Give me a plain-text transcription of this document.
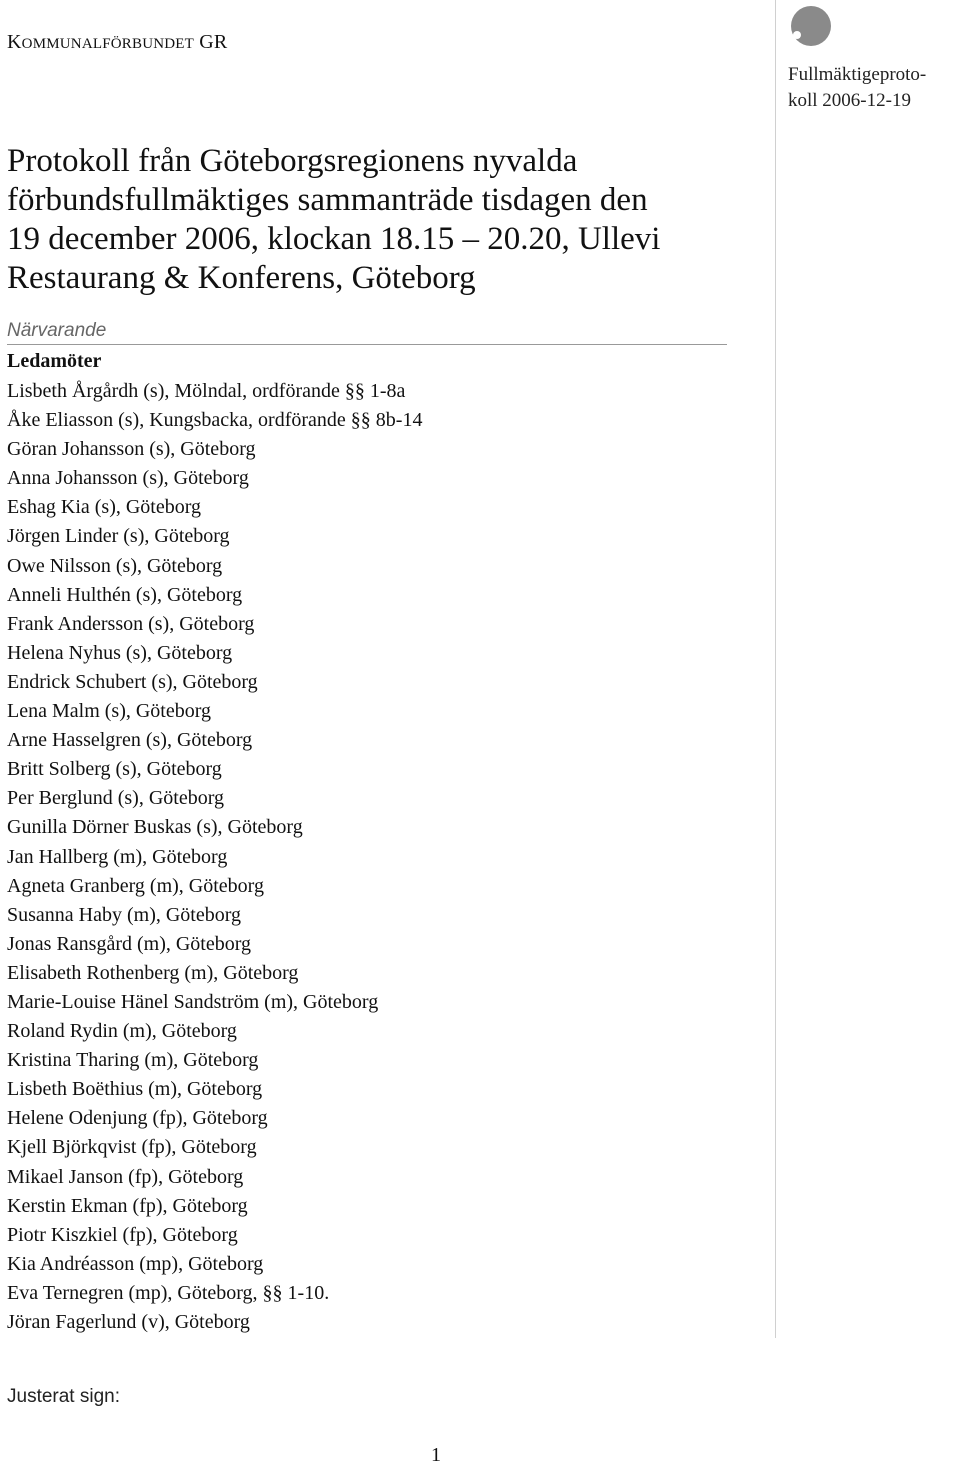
KOMMUNALFÖRBUNDET GR
Fullmäktigeproto-
koll 2006-12-19
Protokoll från Göteborgsregionens nyvalda
förbundsfullmäktiges sammanträde tisdagen den
19 december 2006, klockan 18.15 – 20.20, Ullevi
Restaurang & Konferens, Göteborg
Närvarande
Ledamöter
Lisbeth Årgårdh (s), Mölndal, ordförande §§ 1-8a
Åke Eliasson (s), Kungsbacka, ordförande §§ 8b-14
Göran Johansson (s), Göteborg
Anna Johansson (s), Göteborg
Eshag Kia (s), Göteborg
Jörgen Linder (s), Göteborg
Owe Nilsson (s), Göteborg
Anneli Hulthén (s), Göteborg
Frank Andersson (s), Göteborg
Helena Nyhus (s), Göteborg
Endrick Schubert (s), Göteborg
Lena Malm (s), Göteborg
Arne Hasselgren (s), Göteborg
Britt Solberg (s), Göteborg
Per Berglund (s), Göteborg
Gunilla Dörner Buskas (s), Göteborg
Jan Hallberg (m), Göteborg
Agneta Granberg (m), Göteborg
Susanna Haby (m), Göteborg
Jonas Ransgård (m), Göteborg
Elisabeth Rothenberg (m), Göteborg
Marie-Louise Hänel Sandström (m), Göteborg
Roland Rydin (m), Göteborg
Kristina Tharing (m), Göteborg
Lisbeth Boëthius (m), Göteborg
Helene Odenjung (fp), Göteborg
Kjell Björkqvist (fp), Göteborg
Mikael Janson (fp), Göteborg
Kerstin Ekman (fp), Göteborg
Piotr Kiszkiel (fp), Göteborg
Kia Andréasson (mp), Göteborg
Eva Ternegren (mp), Göteborg, §§ 1-10.
Jöran Fagerlund (v), Göteborg
Justerat sign:
1
